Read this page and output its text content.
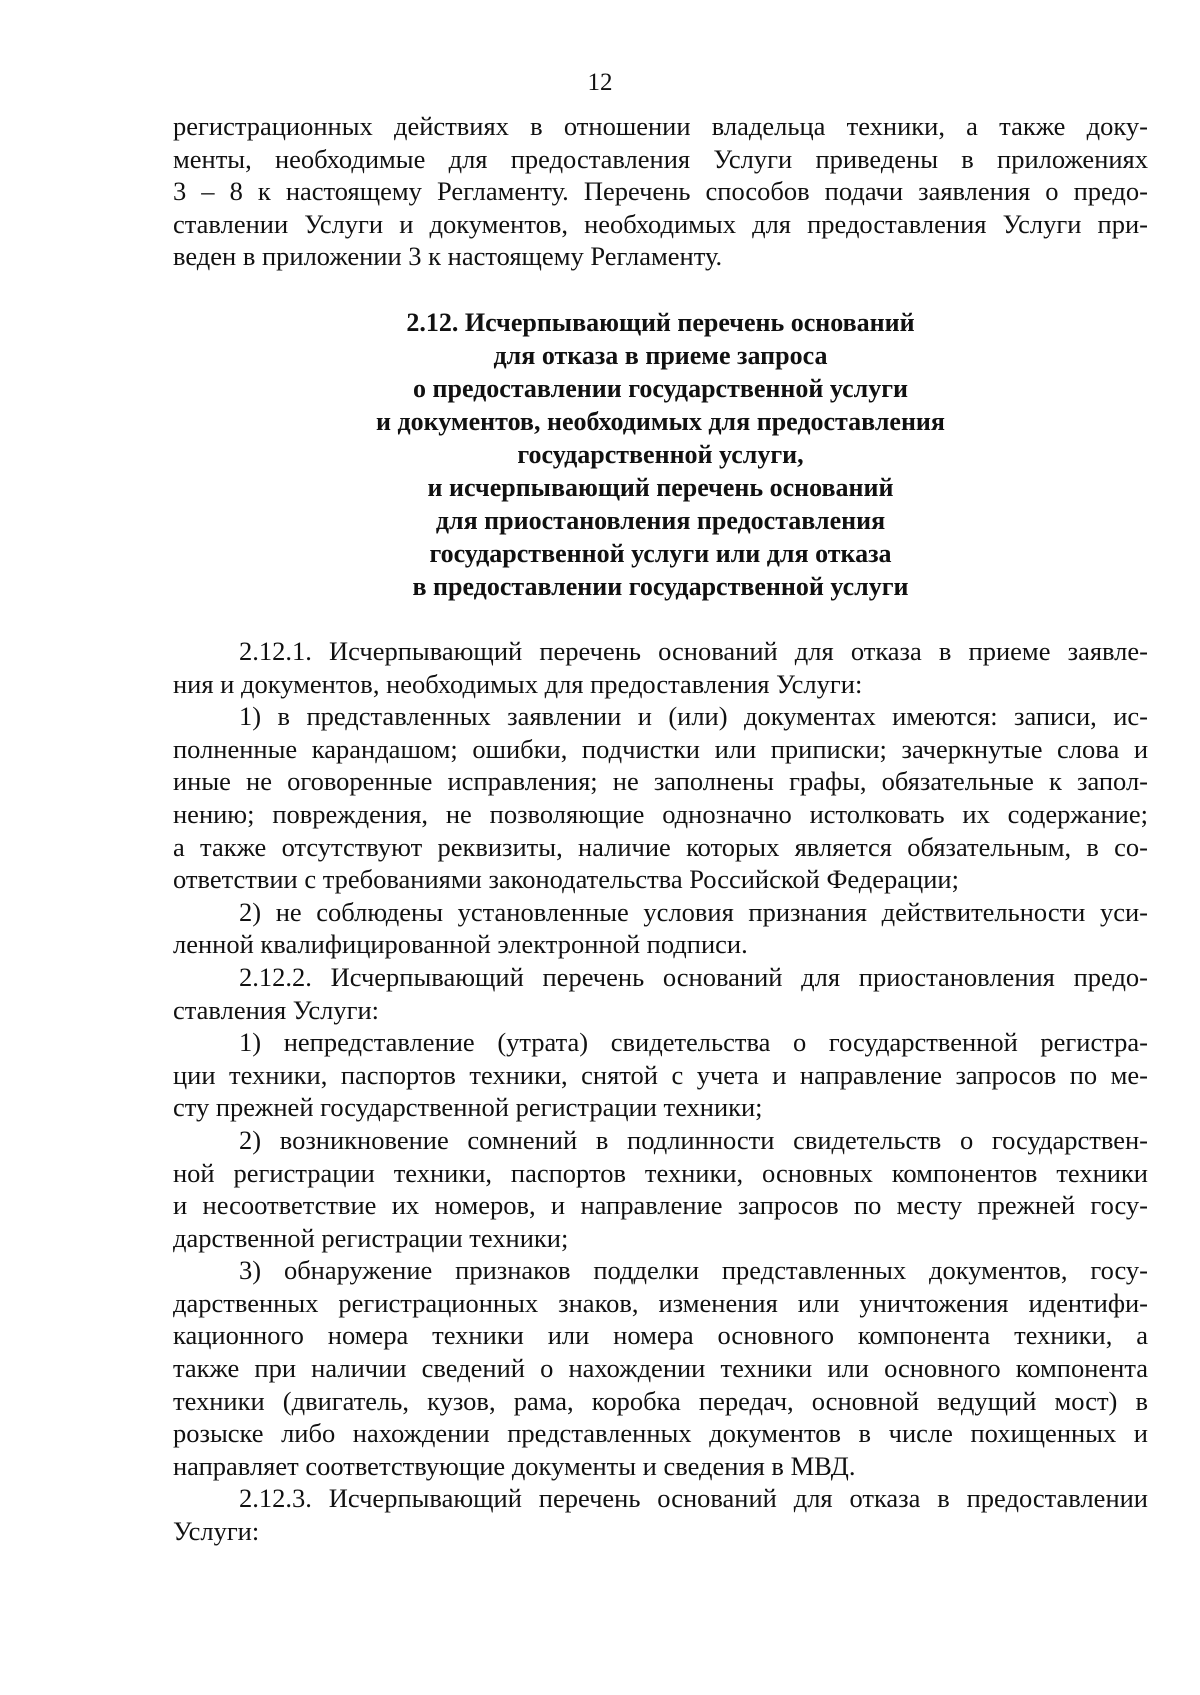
12
регистрационных действиях в отношении владельца техники, а также доку-
менты, необходимые для предоставления Услуги приведены в приложениях
3 – 8 к настоящему Регламенту. Перечень способов подачи заявления о предо-
ставлении Услуги и документов, необходимых для предоставления Услуги при-
веден в приложении 3 к настоящему Регламенту.
2.12. Исчерпывающий перечень оснований
для отказа в приеме запроса
о предоставлении государственной услуги
и документов, необходимых для предоставления
государственной услуги,
и исчерпывающий перечень оснований
для приостановления предоставления
государственной услуги или для отказа
в предоставлении государственной услуги
2.12.1. Исчерпывающий перечень оснований для отказа в приеме заявле-
ния и документов, необходимых для предоставления Услуги:
1) в представленных заявлении и (или) документах имеются: записи, ис-
полненные карандашом; ошибки, подчистки или приписки; зачеркнутые слова и
иные не оговоренные исправления; не заполнены графы, обязательные к запол-
нению; повреждения, не позволяющие однозначно истолковать их содержание;
а также отсутствуют реквизиты, наличие которых является обязательным, в со-
ответствии с требованиями законодательства Российской Федерации;
2) не соблюдены установленные условия признания действительности уси-
ленной квалифицированной электронной подписи.
2.12.2. Исчерпывающий перечень оснований для приостановления предо-
ставления Услуги:
1) непредставление (утрата) свидетельства о государственной регистра-
ции техники, паспортов техники, снятой с учета и направление запросов по ме-
сту прежней государственной регистрации техники;
2) возникновение сомнений в подлинности свидетельств о государствен-
ной регистрации техники, паспортов техники, основных компонентов техники
и несоответствие их номеров, и направление запросов по месту прежней госу-
дарственной регистрации техники;
3) обнаружение признаков подделки представленных документов, госу-
дарственных регистрационных знаков, изменения или уничтожения идентифи-
кационного номера техники или номера основного компонента техники, а
также при наличии сведений о нахождении техники или основного компонента
техники (двигатель, кузов, рама, коробка передач, основной ведущий мост) в
розыске либо нахождении представленных документов в числе похищенных и
направляет соответствующие документы и сведения в МВД.
2.12.3. Исчерпывающий перечень оснований для отказа в предоставлении
Услуги:
